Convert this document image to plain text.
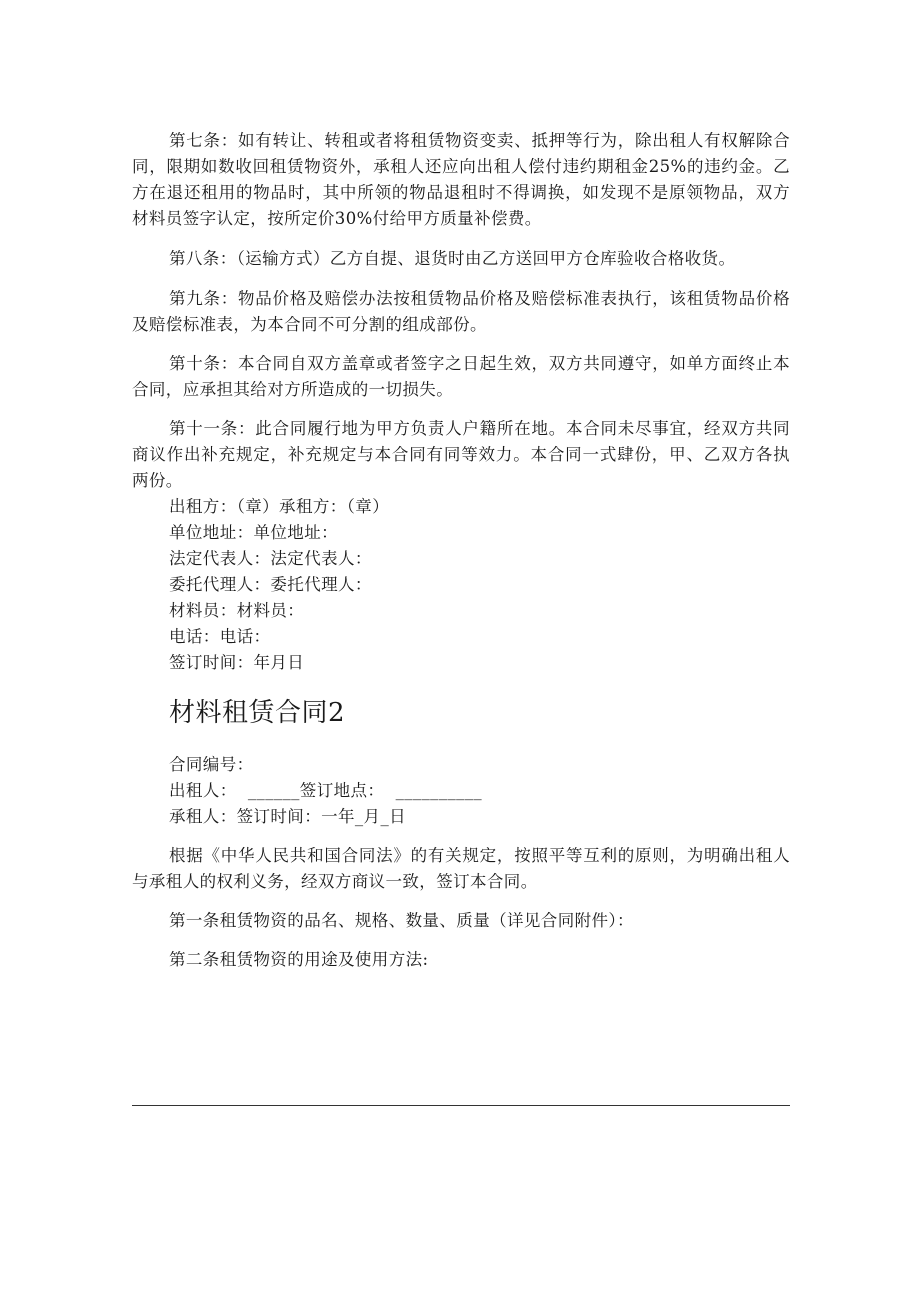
第七条：如有转让、转租或者将租赁物资变卖、抵押等行为，除出租人有权解除合同，限期如数收回租赁物资外，承租人还应向出租人偿付违约期租金25%的违约金。乙方在退还租用的物品时，其中所领的物品退租时不得调换，如发现不是原领物品，双方材料员签字认定，按所定价30%付给甲方质量补偿费。

第八条：（运输方式）乙方自提、退货时由乙方送回甲方仓库验收合格收货。

第九条：物品价格及赔偿办法按租赁物品价格及赔偿标准表执行，该租赁物品价格及赔偿标准表，为本合同不可分割的组成部份。

第十条：本合同自双方盖章或者签字之日起生效，双方共同遵守，如单方面终止本合同，应承担其给对方所造成的一切损失。

第十一条：此合同履行地为甲方负责人户籍所在地。本合同未尽事宜，经双方共同商议作出补充规定，补充规定与本合同有同等效力。本合同一式肆份，甲、乙双方各执两份。

出租方：（章）承租方：（章）

单位地址：单位地址：

法定代表人：法定代表人：

委托代理人：委托代理人：

材料员：材料员：

电话：电话：

签订时间：年月日

材料租赁合同2

合同编号：

出租人：  ______签订地点：  __________

承租人：签订时间：一年_月_日

根据《中华人民共和国合同法》的有关规定，按照平等互利的原则，为明确出租人与承租人的权利义务，经双方商议一致，签订本合同。

第一条租赁物资的品名、规格、数量、质量（详见合同附件）：

第二条租赁物资的用途及使用方法:
